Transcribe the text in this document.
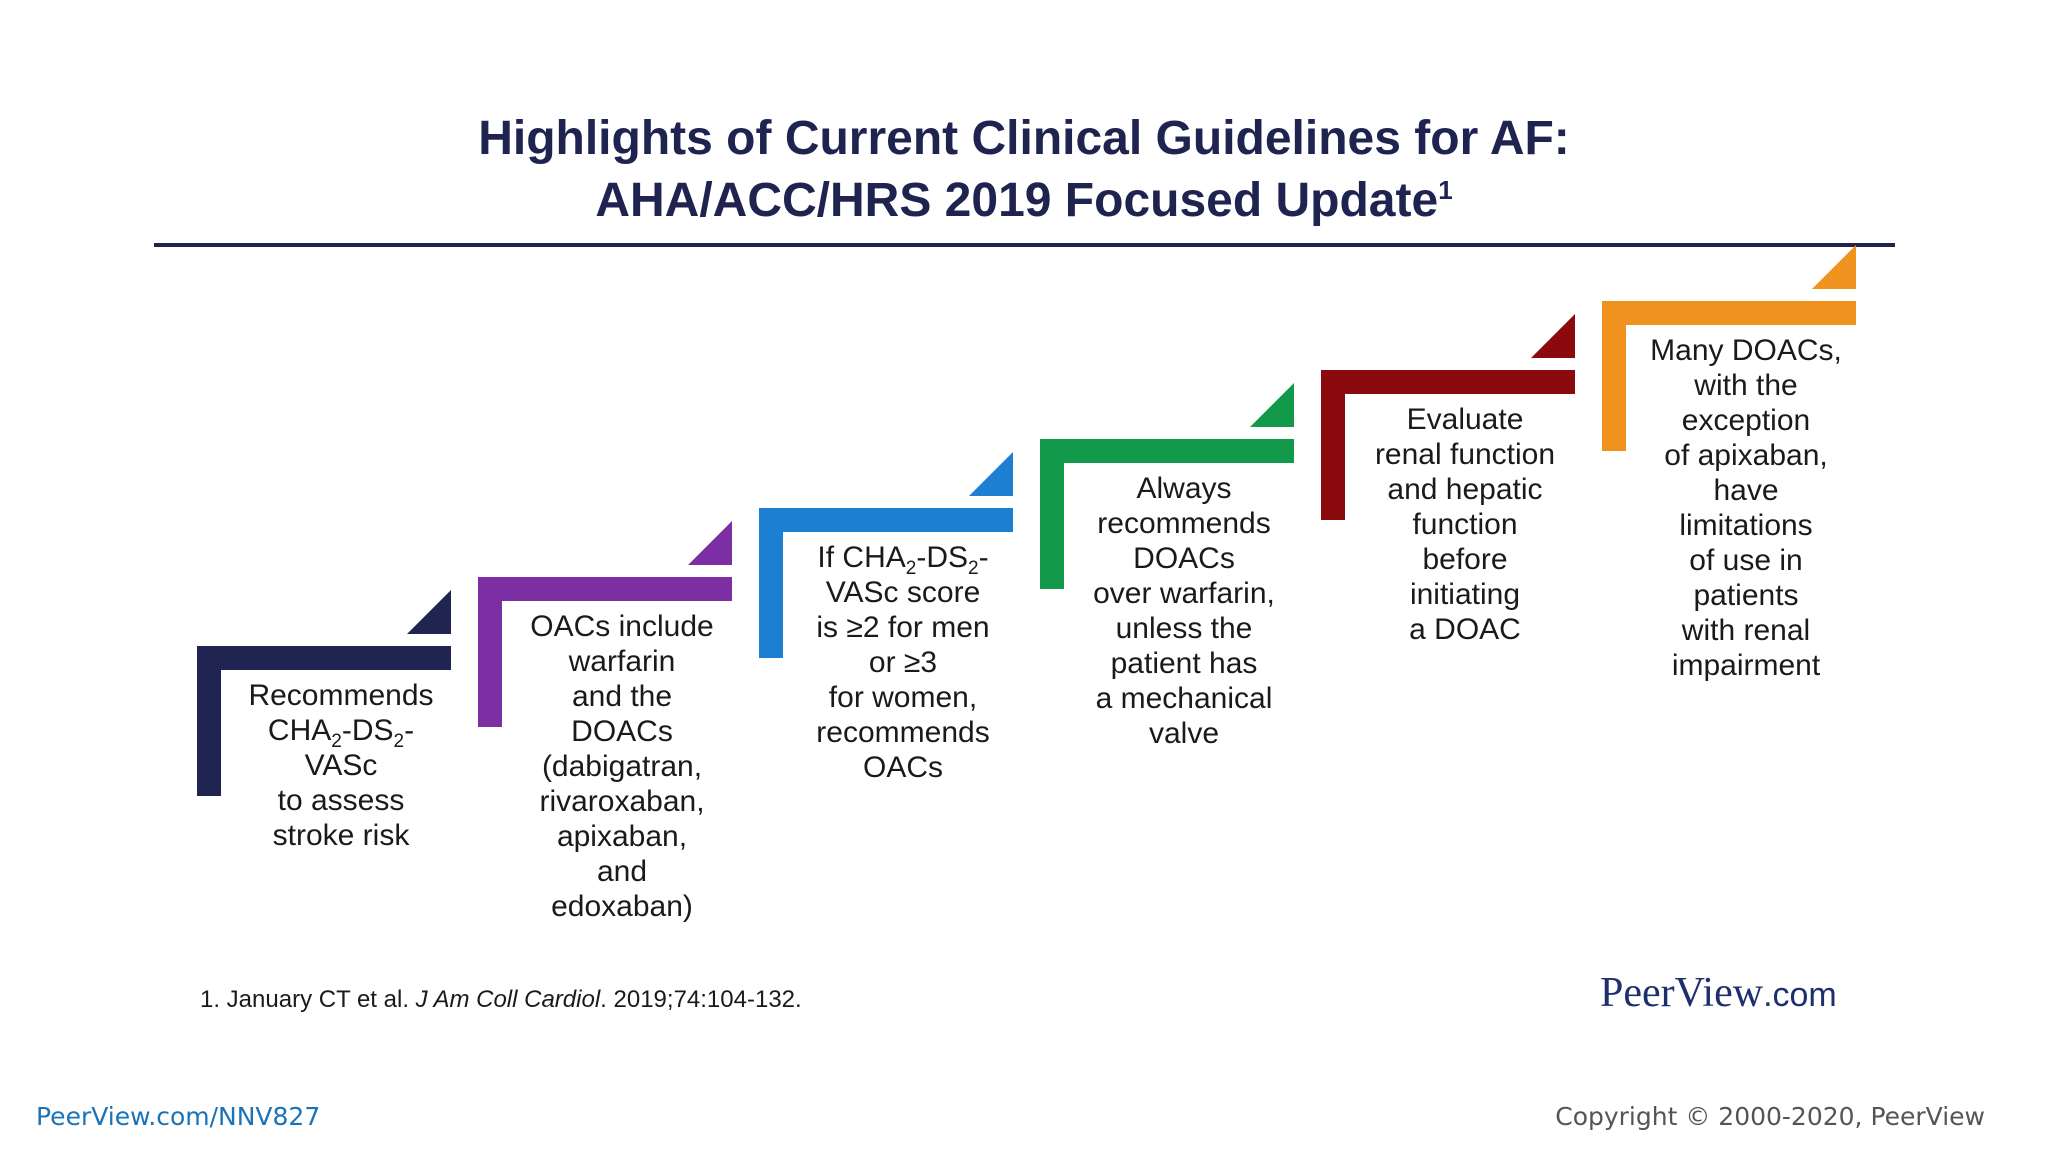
Highlights of Current Clinical Guidelines for AF:
AHA/ACC/HRS 2019 Focused Update$^1$
Recommends
$CHA_2-DS_2-$
VASc
to assess
stroke risk
OACs include
warfarin
and the
DOACs
(dabigatran,
rivaroxaban,
apixaban,
and
edoxaban)
If $CHA_2-DS_2-$
VASc score
is ≥2 for men
or ≥3
for women,
recommends
OACs
Always
recommends
DOACs
over warfarin,
unless the
patient has
a mechanical
valve
Evaluate
renal function
and hepatic
function
before
initiating
a DOAC
Many DOACs,
with the
exception
of apixaban,
have
limitations
of use in
patients
with renal
impairment
1. January CT et al. J Am Coll Cardiol. 2019;74:104-132.	PeerView.com
PeerView.com/NNV827	Copyright © 2000-2020, PeerView
